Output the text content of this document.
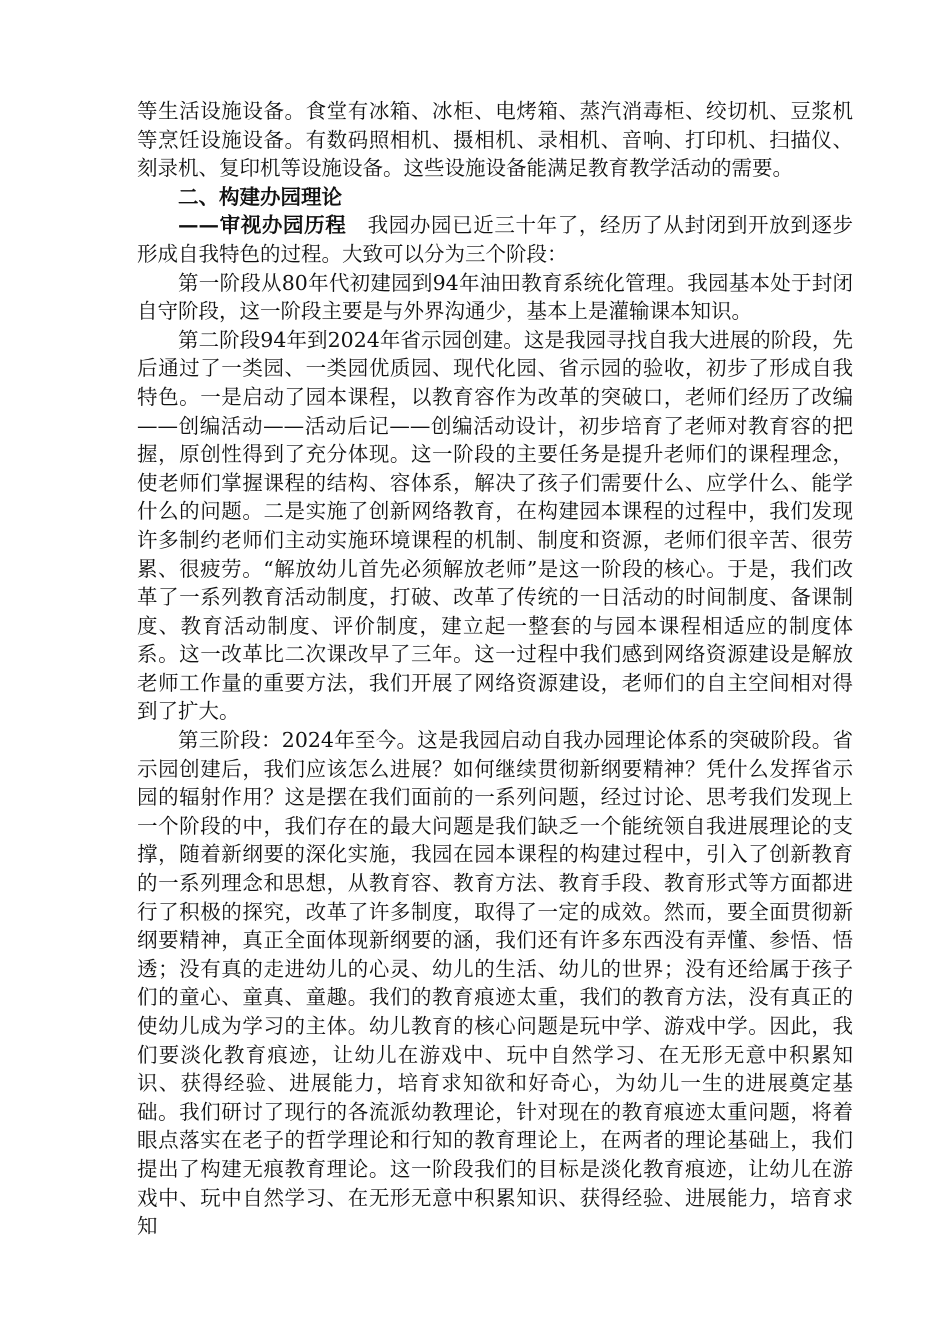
等生活设施设备。食堂有冰箱、冰柜、电烤箱、蒸汽消毒柜、绞切机、豆浆机等烹饪设施设备。有数码照相机、摄相机、录相机、音响、打印机、扫描仪、刻录机、复印机等设施设备。这些设施设备能满足教育教学活动的需要。

二、构建办园理论

——审视办园历程　 我园办园已近三十年了，经历了从封闭到开放到逐步形成自我特色的过程。大致可以分为三个阶段：

第一阶段从80年代初建园到94年油田教育系统化管理。我园基本处于封闭自守阶段，这一阶段主要是与外界沟通少，基本上是灌输课本知识。

第二阶段94年到2024年省示园创建。这是我园寻找自我大进展的阶段，先后通过了一类园、一类园优质园、现代化园、省示园的验收，初步了形成自我特色。一是启动了园本课程，以教育容作为改革的突破口，老师们经历了改编——创编活动——活动后记——创编活动设计，初步培育了老师对教育容的把握，原创性得到了充分体现。这一阶段的主要任务是提升老师们的课程理念，使老师们掌握课程的结构、容体系，解决了孩子们需要什么、应学什么、能学什么的问题。二是实施了创新网络教育，在构建园本课程的过程中，我们发现许多制约老师们主动实施环境课程的机制、制度和资源，老师们很辛苦、很劳累、很疲劳。“解放幼儿首先必须解放老师”是这一阶段的核心。于是，我们改革了一系列教育活动制度，打破、改革了传统的一日活动的时间制度、备课制度、教育活动制度、评价制度，建立起一整套的与园本课程相适应的制度体系。这一改革比二次课改早了三年。这一过程中我们感到网络资源建设是解放老师工作量的重要方法，我们开展了网络资源建设，老师们的自主空间相对得到了扩大。

第三阶段：2024年至今。这是我园启动自我办园理论体系的突破阶段。省示园创建后，我们应该怎么进展？如何继续贯彻新纲要精神？凭什么发挥省示园的辐射作用？这是摆在我们面前的一系列问题，经过讨论、思考我们发现上一个阶段的中，我们存在的最大问题是我们缺乏一个能统领自我进展理论的支撑，随着新纲要的深化实施，我园在园本课程的构建过程中，引入了创新教育的一系列理念和思想，从教育容、教育方法、教育手段、教育形式等方面都进行了积极的探究，改革了许多制度，取得了一定的成效。然而，要全面贯彻新纲要精神，真正全面体现新纲要的涵，我们还有许多东西没有弄懂、参悟、悟透；没有真的走进幼儿的心灵、幼儿的生活、幼儿的世界；没有还给属于孩子们的童心、童真、童趣。我们的教育痕迹太重，我们的教育方法，没有真正的使幼儿成为学习的主体。幼儿教育的核心问题是玩中学、游戏中学。因此，我们要淡化教育痕迹，让幼儿在游戏中、玩中自然学习、在无形无意中积累知识、获得经验、进展能力，培育求知欲和好奇心，为幼儿一生的进展奠定基础。我们研讨了现行的各流派幼教理论，针对现在的教育痕迹太重问题，将着眼点落实在老子的哲学理论和行知的教育理论上，在两者的理论基础上，我们提出了构建无痕教育理论。这一阶段我们的目标是淡化教育痕迹，让幼儿在游戏中、玩中自然学习、在无形无意中积累知识、获得经验、进展能力，培育求知
